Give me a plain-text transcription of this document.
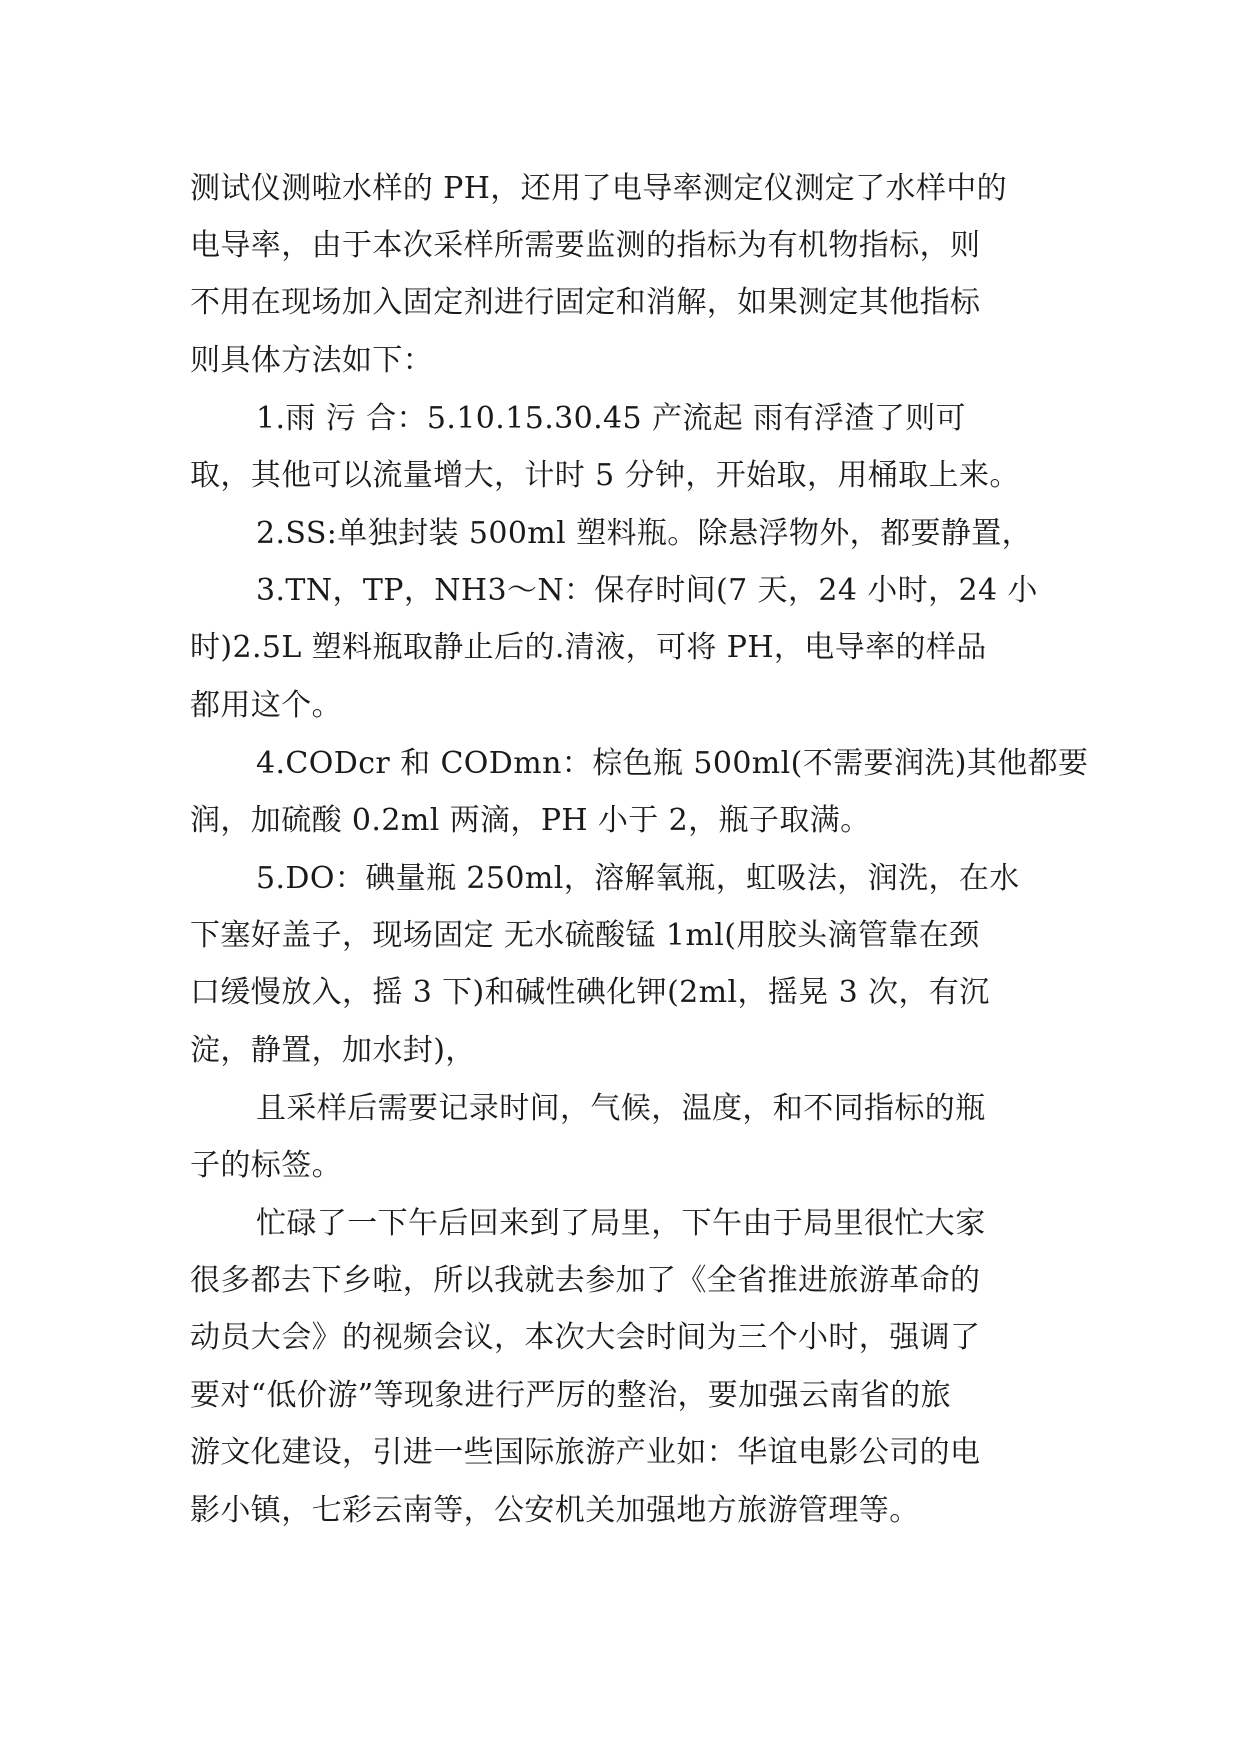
测试仪测啦水样的 PH，还用了电导率测定仪测定了水样中的
电导率，由于本次采样所需要监测的指标为有机物指标，则
不用在现场加入固定剂进行固定和消解，如果测定其他指标
则具体方法如下：
1.雨 污 合：5.10.15.30.45 产流起 雨有浮渣了则可
取，其他可以流量增大，计时 5 分钟，开始取，用桶取上来。
2.SS:单独封装 500ml 塑料瓶。除悬浮物外，都要静置，
3.TN，TP，NH3～N：保存时间(7 天，24 小时，24 小
时)2.5L 塑料瓶取静止后的.清液，可将 PH，电导率的样品
都用这个。
4.CODcr 和 CODmn：棕色瓶 500ml(不需要润洗)其他都要
润，加硫酸 0.2ml 两滴，PH 小于 2，瓶子取满。
5.DO：碘量瓶 250ml，溶解氧瓶，虹吸法，润洗，在水
下塞好盖子，现场固定 无水硫酸锰 1ml(用胶头滴管靠在颈
口缓慢放入，摇 3 下)和碱性碘化钾(2ml，摇晃 3 次，有沉
淀，静置，加水封)，
且采样后需要记录时间，气候，温度，和不同指标的瓶
子的标签。
忙碌了一下午后回来到了局里，下午由于局里很忙大家
很多都去下乡啦，所以我就去参加了《全省推进旅游革命的
动员大会》的视频会议，本次大会时间为三个小时，强调了
要对“低价游”等现象进行严厉的整治，要加强云南省的旅
游文化建设，引进一些国际旅游产业如：华谊电影公司的电
影小镇，七彩云南等，公安机关加强地方旅游管理等。
